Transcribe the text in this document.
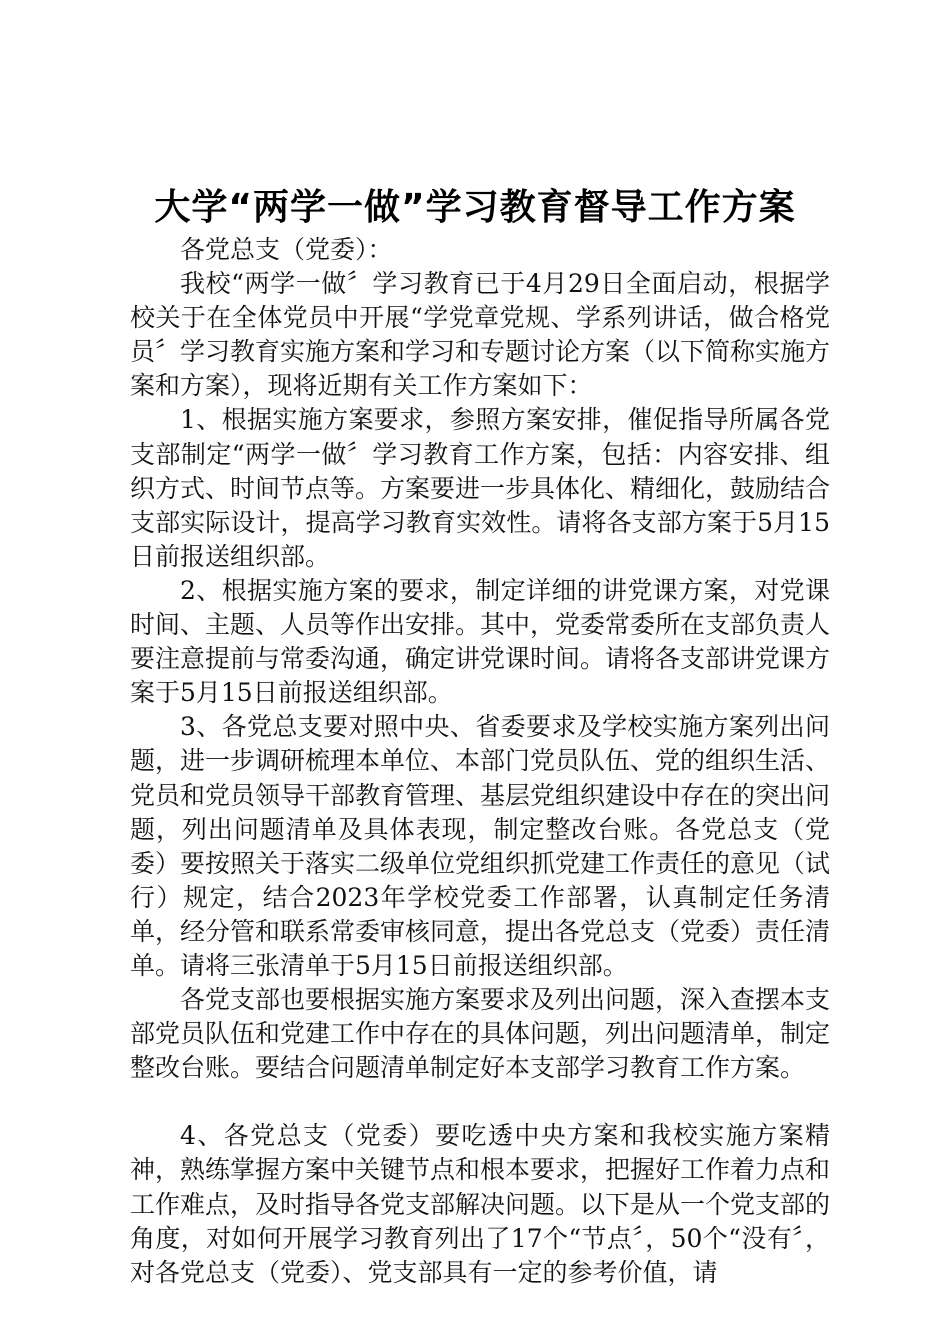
大学“两学一做”学习教育督导工作方案

各党总支（党委）：

我校“两学一做〞学习教育已于4月29日全面启动，根据学校关于在全体党员中开展“学党章党规、学系列讲话，做合格党员〞学习教育实施方案和学习和专题讨论方案（以下简称实施方案和方案），现将近期有关工作方案如下：

1、根据实施方案要求，参照方案安排，催促指导所属各党支部制定“两学一做〞学习教育工作方案，包括：内容安排、组织方式、时间节点等。方案要进一步具体化、精细化，鼓励结合支部实际设计，提高学习教育实效性。请将各支部方案于5月15日前报送组织部。

2、根据实施方案的要求，制定详细的讲党课方案，对党课时间、主题、人员等作出安排。其中，党委常委所在支部负责人要注意提前与常委沟通，确定讲党课时间。请将各支部讲党课方案于5月15日前报送组织部。

3、各党总支要对照中央、省委要求及学校实施方案列出问题，进一步调研梳理本单位、本部门党员队伍、党的组织生活、党员和党员领导干部教育管理、基层党组织建设中存在的突出问题，列出问题清单及具体表现，制定整改台账。各党总支（党委）要按照关于落实二级单位党组织抓党建工作责任的意见（试行）规定，结合2023年学校党委工作部署，认真制定任务清单，经分管和联系常委审核同意，提出各党总支（党委）责任清单。请将三张清单于5月15日前报送组织部。

各党支部也要根据实施方案要求及列出问题，深入查摆本支部党员队伍和党建工作中存在的具体问题，列出问题清单，制定整改台账。要结合问题清单制定好本支部学习教育工作方案。

4、各党总支（党委）要吃透中央方案和我校实施方案精神，熟练掌握方案中关键节点和根本要求，把握好工作着力点和工作难点，及时指导各党支部解决问题。以下是从一个党支部的角度，对如何开展学习教育列出了17个“节点〞，50个“没有〞，对各党总支（党委）、党支部具有一定的参考价值，请
